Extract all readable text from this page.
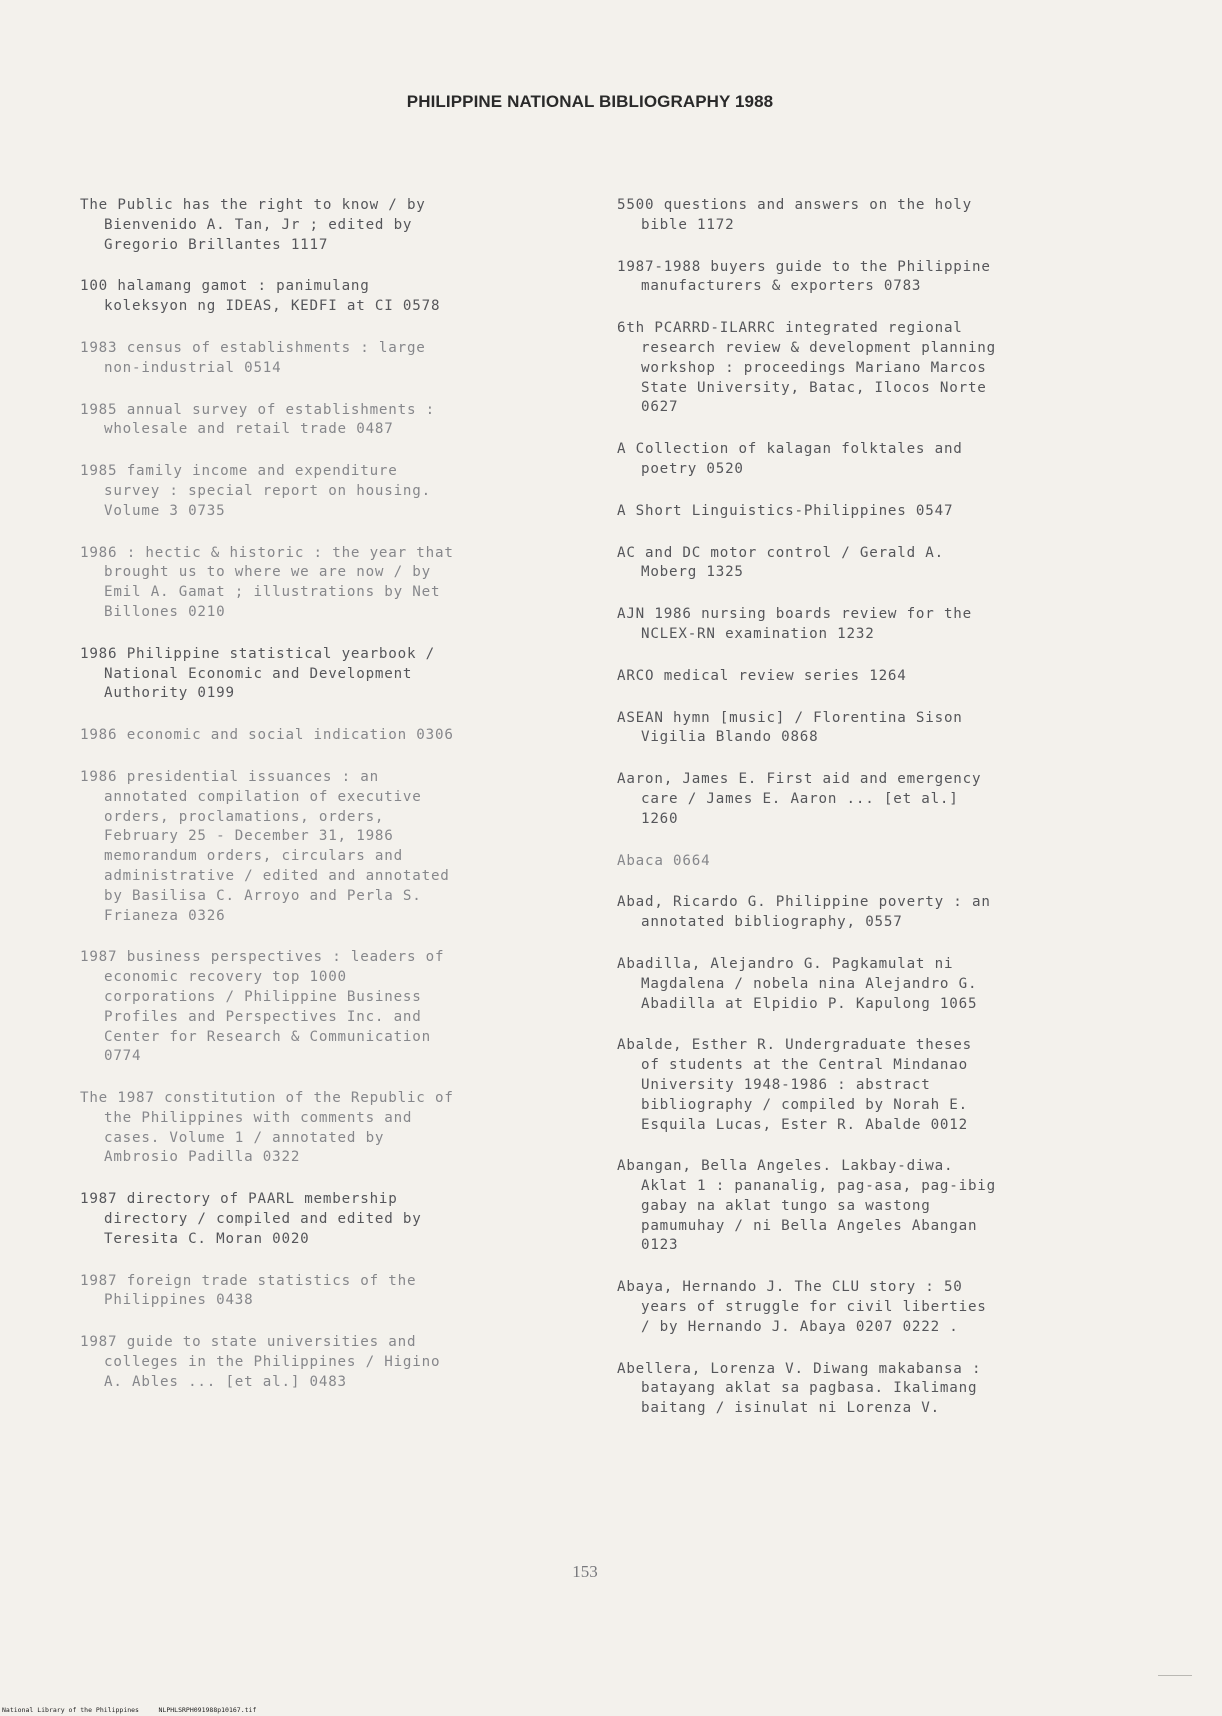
PHILIPPINE NATIONAL BIBLIOGRAPHY 1988
The Public has the right to know / by
Bienvenido A. Tan, Jr ; edited by
Gregorio Brillantes 1117
100 halamang gamot : panimulang
koleksyon ng IDEAS, KEDFI at CI 0578
1983 census of establishments : large
non-industrial 0514
1985 annual survey of establishments :
wholesale and retail trade 0487
1985 family income and expenditure
survey : special report on housing.
Volume 3 0735
1986 : hectic & historic : the year that
brought us to where we are now / by
Emil A. Gamat ; illustrations by Net
Billones 0210
1986 Philippine statistical yearbook /
National Economic and Development
Authority 0199
1986 economic and social indication 0306
1986 presidential issuances : an
annotated compilation of executive
orders, proclamations, orders,
February 25 - December 31, 1986
memorandum orders, circulars and
administrative / edited and annotated
by Basilisa C. Arroyo and Perla S.
Frianeza 0326
1987 business perspectives : leaders of
economic recovery top 1000
corporations / Philippine Business
Profiles and Perspectives Inc. and
Center for Research & Communication
0774
The 1987 constitution of the Republic of
the Philippines with comments and
cases. Volume 1 / annotated by
Ambrosio Padilla 0322
1987 directory of PAARL membership
directory / compiled and edited by
Teresita C. Moran 0020
1987 foreign trade statistics of the
Philippines 0438
1987 guide to state universities and
colleges in the Philippines / Higino
A. Ables ... [et al.] 0483
5500 questions and answers on the holy
bible 1172
1987-1988 buyers guide to the Philippine
manufacturers & exporters 0783
6th PCARRD-ILARRC integrated regional
research review & development planning
workshop : proceedings Mariano Marcos
State University, Batac, Ilocos Norte
0627
A Collection of kalagan folktales and
poetry 0520
A Short Linguistics-Philippines 0547
AC and DC motor control / Gerald A.
Moberg 1325
AJN 1986 nursing boards review for the
NCLEX-RN examination 1232
ARCO medical review series 1264
ASEAN hymn [music] / Florentina Sison
Vigilia Blando 0868
Aaron, James E. First aid and emergency
care / James E. Aaron ... [et al.]
1260
Abaca 0664
Abad, Ricardo G. Philippine poverty : an
annotated bibliography, 0557
Abadilla, Alejandro G. Pagkamulat ni
Magdalena / nobela nina Alejandro G.
Abadilla at Elpidio P. Kapulong 1065
Abalde, Esther R. Undergraduate theses
of students at the Central Mindanao
University 1948-1986 : abstract
bibliography / compiled by Norah E.
Esquila Lucas, Ester R. Abalde 0012
Abangan, Bella Angeles. Lakbay-diwa.
Aklat 1 : pananalig, pag-asa, pag-ibig
gabay na aklat tungo sa wastong
pamumuhay / ni Bella Angeles Abangan
0123
Abaya, Hernando J. The CLU story : 50
years of struggle for civil liberties
/ by Hernando J. Abaya 0207 0222 .
Abellera, Lorenza V. Diwang makabansa :
batayang aklat sa pagbasa. Ikalimang
baitang / isinulat ni Lorenza V.
153
National Library of the Philippines     NLPHLSRPH091988p10167.tif
